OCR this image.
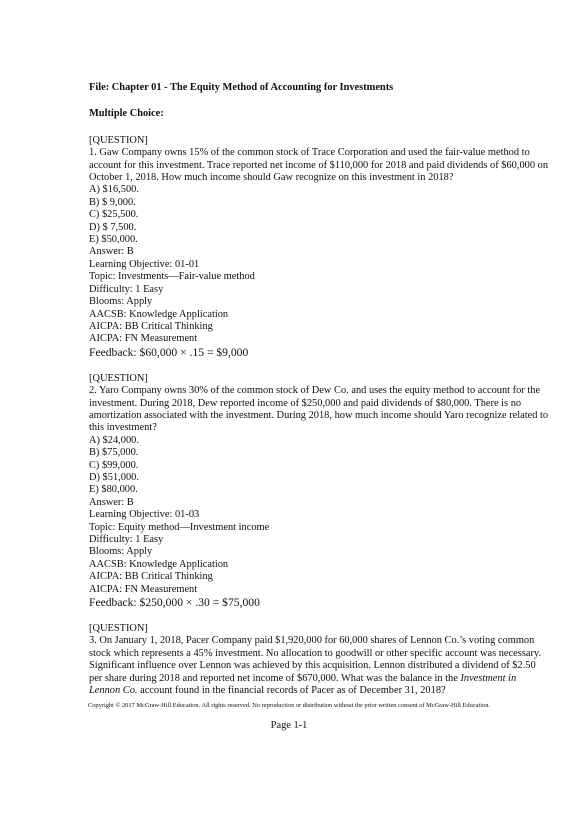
File: Chapter 01 - The Equity Method of Accounting for Investments

Multiple Choice:

[QUESTION]

1. Gaw Company owns 15% of the common stock of Trace Corporation and used the fair-value method to account for this investment. Trace reported net income of $110,000 for 2018 and paid dividends of $60,000 on October 1, 2018. How much income should Gaw recognize on this investment in 2018?

A) $16,500.

B) $ 9,000.

C) $25,500.

D) $ 7,500.

E) $50,000.

Answer: B

Learning Objective: 01-01

Topic: Investments—Fair-value method

Difficulty: 1 Easy

Blooms: Apply

AACSB: Knowledge Application

AICPA: BB Critical Thinking

AICPA: FN Measurement

Feedback: $60,000 × .15 = $9,000

[QUESTION]

2. Yaro Company owns 30% of the common stock of Dew Co. and uses the equity method to account for the investment. During 2018, Dew reported income of $250,000 and paid dividends of $80,000. There is no amortization associated with the investment. During 2018, how much income should Yaro recognize related to this investment?

A) $24,000.

B) $75,000.

C) $99,000.

D) $51,000.

E) $80,000.

Answer: B

Learning Objective: 01-03

Topic: Equity method—Investment income

Difficulty: 1 Easy

Blooms: Apply

AACSB: Knowledge Application

AICPA: BB Critical Thinking

AICPA: FN Measurement

Feedback: $250,000 × .30 = $75,000

[QUESTION]

3. On January 1, 2018, Pacer Company paid $1,920,000 for 60,000 shares of Lennon Co.’s voting common stock which represents a 45% investment. No allocation to goodwill or other specific account was necessary. Significant influence over Lennon was achieved by this acquisition. Lennon distributed a dividend of $2.50 per share during 2018 and reported net income of $670,000. What was the balance in the Investment in Lennon Co. account found in the financial records of Pacer as of December 31, 2018?

Copyright © 2017 McGraw-Hill Education. All rights reserved. No reproduction or distribution without the prior written consent of McGraw-Hill Education.
Page 1-1
